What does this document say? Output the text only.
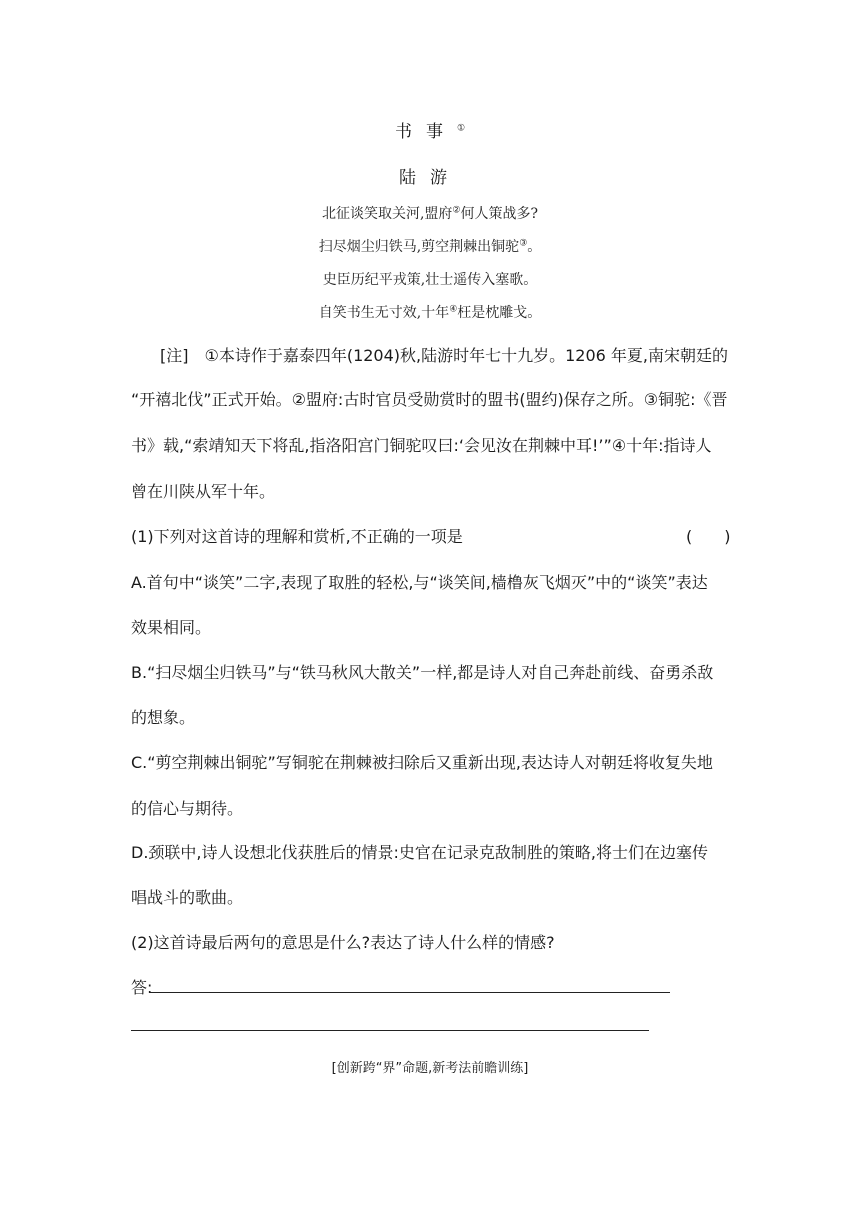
书事①
陆游
北征谈笑取关河,盟府②何人策战多?
扫尽烟尘归铁马,剪空荆棘出铜驼③。
史臣历纪平戎策,壮士遥传入塞歌。
自笑书生无寸效,十年④枉是枕雕戈。
[注]　①本诗作于嘉泰四年(1204)秋,陆游时年七十九岁。1206 年夏,南宋朝廷的
“开禧北伐”正式开始。②盟府:古时官员受勋赏时的盟书(盟约)保存之所。③铜驼:《晋
书》载,“索靖知天下将乱,指洛阳宫门铜驼叹曰:‘会见汝在荆棘中耳!’”④十年:指诗人
曾在川陕从军十年。
(1)下列对这首诗的理解和赏析,不正确的一项是	(　　)
A.首句中“谈笑”二字,表现了取胜的轻松,与“谈笑间,樯橹灰飞烟灭”中的“谈笑”表达
效果相同。
B.“扫尽烟尘归铁马”与“铁马秋风大散关”一样,都是诗人对自己奔赴前线、奋勇杀敌
的想象。
C.“剪空荆棘出铜驼”写铜驼在荆棘被扫除后又重新出现,表达诗人对朝廷将收复失地
的信心与期待。
D.颈联中,诗人设想北伐获胜后的情景:史官在记录克敌制胜的策略,将士们在边塞传
唱战斗的歌曲。
(2)这首诗最后两句的意思是什么?表达了诗人什么样的情感?
答:
[创新跨“界”命题,新考法前瞻训练]
